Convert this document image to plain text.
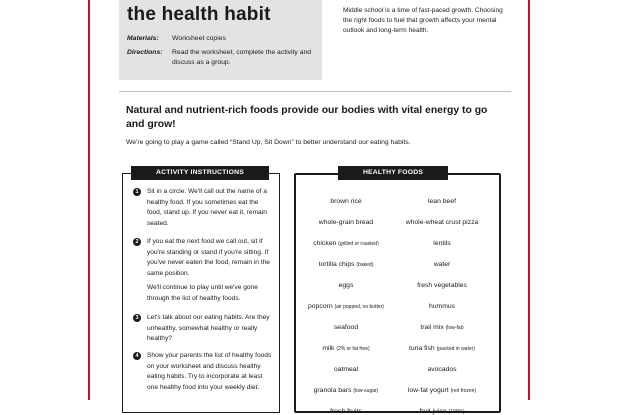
the health habit
Materials: Worksheet copies
Directions: Read the worksheet, complete the activity and discuss as a group.
Middle school is a time of fast-paced growth. Choosing the right foods to fuel that growth affects your mental outlook and long-term health.
Natural and nutrient-rich foods provide our bodies with vital energy to go and grow!
We're going to play a game called “Stand Up, Sit Down” to better understand our eating habits.
1	Sit in a circle. We'll call out the name of a healthy food. If you sometimes eat the food, stand up. If you never eat it, remain seated.
2	If you eat the next food we call out, sit if you're standing or stand if you're sitting. If you've never eaten the food, remain in the same position.
We'll continue to play until we've gone through the list of healthy foods.
3	Let's talk about our eating habits. Are they unhealthy, somewhat healthy or really healthy?
4	Show your parents the list of healthy foods on your worksheet and discuss healthy eating habits. Try to incorporate at least one healthy food into your weekly diet.
ACTIVITY INSTRUCTIONS
brown rice	lean beef
whole-grain bread	whole-wheat crust pizza
chicken (grilled or roasted)	lentils
tortilla chips (baked)	water
eggs	fresh vegetables
popcorn (air popped, no butter)	hummus
seafood	trail mix (low-fat)
milk (2% or fat free)	tuna fish (packed in water)
oatmeal	avocados
granola bars (low-sugar)	low-fat yogurt (not frozen)
fresh fruits	fruit juice (100%)
HEALTHY FOODS
